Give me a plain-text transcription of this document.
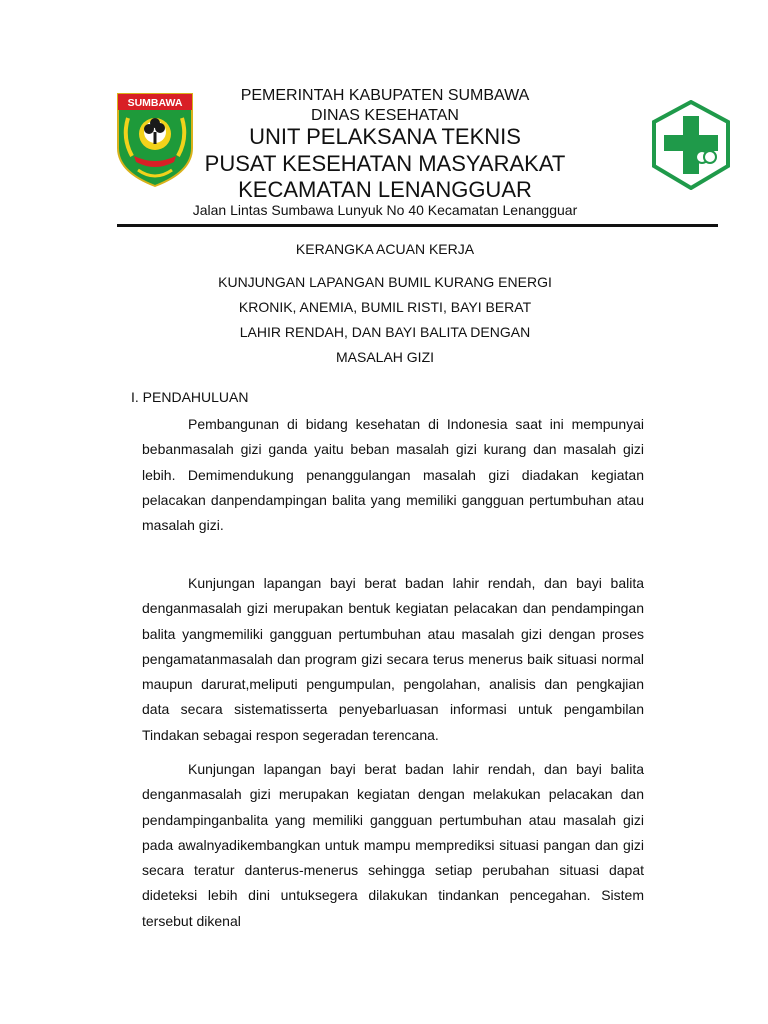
SUMBAWA	PEMERINTAH KABUPATEN SUMBAWA
DINAS KESEHATAN
UNIT PELAKSANA TEKNIS
PUSAT KESEHATAN MASYARAKAT
KECAMATAN LENANGGUAR
Jalan Lintas Sumbawa Lunyuk No 40 Kecamatan Lenangguar
KERANGKA ACUAN KERJA
KUNJUNGAN LAPANGAN BUMIL KURANG ENERGI
KRONIK, ANEMIA, BUMIL RISTI, BAYI BERAT
LAHIR RENDAH, DAN BAYI BALITA DENGAN
MASALAH GIZI
I. PENDAHULUAN

Pembangunan di bidang kesehatan di Indonesia saat ini mempunyai bebanmasalah gizi ganda yaitu beban masalah gizi kurang dan masalah gizi lebih. Demimendukung penanggulangan masalah gizi diadakan kegiatan pelacakan danpendampingan balita yang memiliki gangguan pertumbuhan atau masalah gizi.

Kunjungan lapangan bayi berat badan lahir rendah, dan bayi balita denganmasalah gizi merupakan bentuk kegiatan pelacakan dan pendampingan balita yangmemiliki gangguan pertumbuhan atau masalah gizi dengan proses pengamatanmasalah dan program gizi secara terus menerus baik situasi normal maupun darurat,meliputi pengumpulan, pengolahan, analisis dan pengkajian data secara sistematisserta penyebarluasan informasi untuk pengambilan Tindakan sebagai respon segeradan terencana.

Kunjungan lapangan bayi berat badan lahir rendah, dan bayi balita denganmasalah gizi merupakan kegiatan dengan melakukan pelacakan dan pendampinganbalita yang memiliki gangguan pertumbuhan atau masalah gizi pada awalnyadikembangkan untuk mampu memprediksi situasi pangan dan gizi secara teratur danterus-menerus sehingga setiap perubahan situasi dapat dideteksi lebih dini untuksegera dilakukan tindankan pencegahan. Sistem tersebut dikenal
